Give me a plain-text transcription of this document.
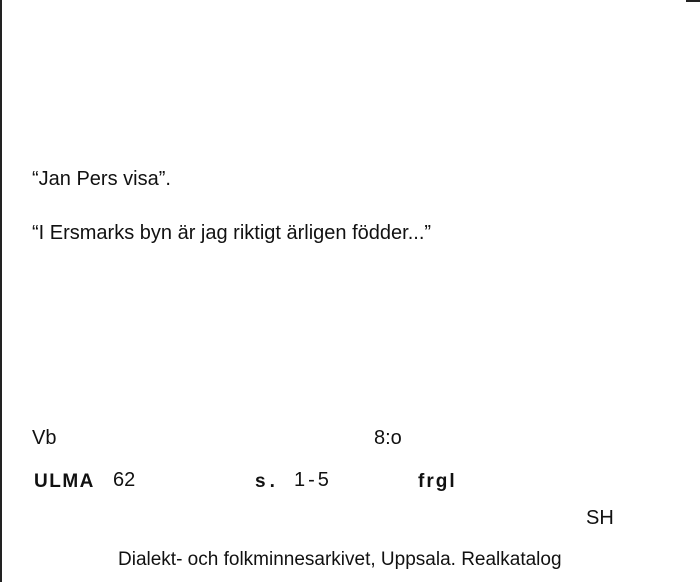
“Jan Pers visa”.
“I Ersmarks byn är jag riktigt ärligen födder...”
Vb	8:o
ULMA 62	s. 1-5	frgl
SH
Dialekt- och folkminnesarkivet, Uppsala. Realkatalog
